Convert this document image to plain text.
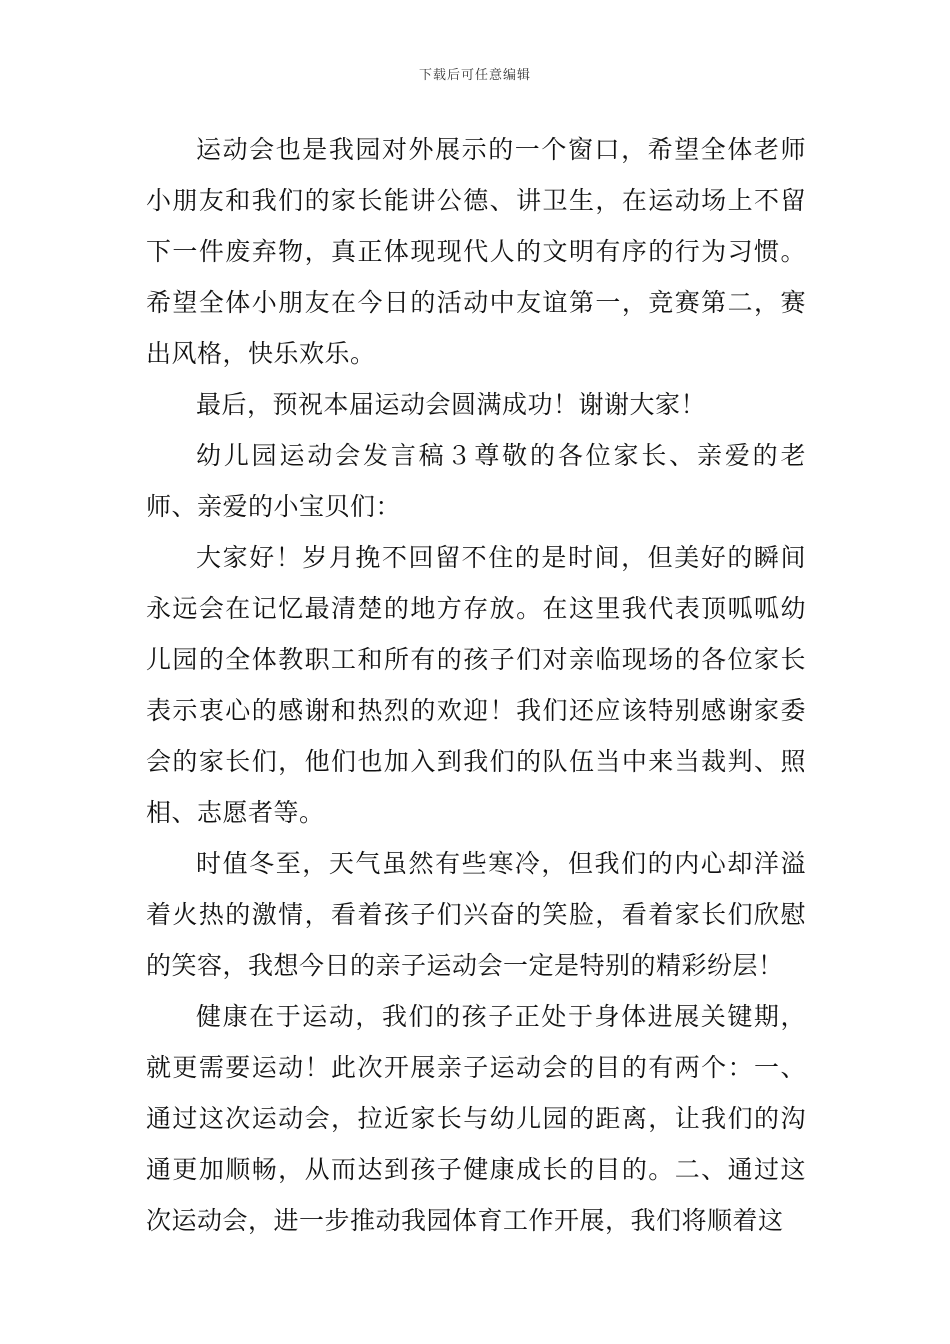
下载后可任意编辑

运动会也是我园对外展示的一个窗口，希望全体老师小朋友和我们的家长能讲公德、讲卫生，在运动场上不留下一件废弃物，真正体现现代人的文明有序的行为习惯。希望全体小朋友在今日的活动中友谊第一，竞赛第二，赛出风格，快乐欢乐。

最后，预祝本届运动会圆满成功！谢谢大家！

幼儿园运动会发言稿３尊敬的各位家长、亲爱的老师、亲爱的小宝贝们：

大家好！岁月挽不回留不住的是时间，但美好的瞬间永远会在记忆最清楚的地方存放。在这里我代表顶呱呱幼儿园的全体教职工和所有的孩子们对亲临现场的各位家长表示衷心的感谢和热烈的欢迎！我们还应该特别感谢家委会的家长们，他们也加入到我们的队伍当中来当裁判、照相、志愿者等。

时值冬至，天气虽然有些寒冷，但我们的内心却洋溢着火热的激情，看着孩子们兴奋的笑脸，看着家长们欣慰的笑容，我想今日的亲子运动会一定是特别的精彩纷层！

健康在于运动，我们的孩子正处于身体进展关键期，就更需要运动！此次开展亲子运动会的目的有两个：一、通过这次运动会，拉近家长与幼儿园的距离，让我们的沟通更加顺畅，从而达到孩子健康成长的目的。二、通过这次运动会，进一步推动我园体育工作开展，我们将顺着这
